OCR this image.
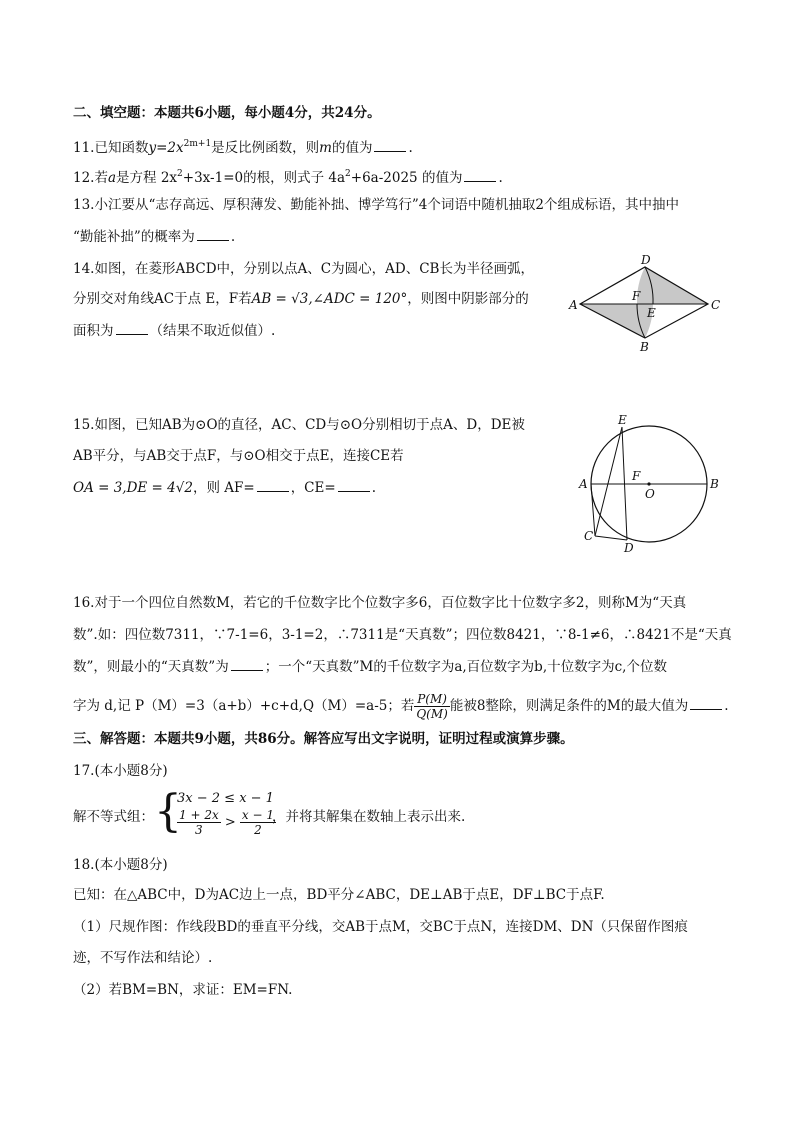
二、填空题：本题共6小题，每小题4分，共24分。
11.已知函数$y=2x^{2m+1}$是反比例函数，则m的值为	.
12.若a是方程 $2x^2+3x-1=0$的根，则式子 $4a^2+6a-2025$ 的值为	.
13.小江要从“志存高远、厚积薄发、勤能补拙、博学笃行”4个词语中随机抽取2个组成标语，其中抽中
“勤能补拙”的概率为	.
14.如图，在菱形ABCD中，分别以点A、C为圆心，AD、CB长为半径画弧，
分别交对角线AC于点 E，F若AB = √3,∠ADC = 120°，则图中阴影部分的
面积为	（结果不取近似值）.
A
B
C
D
E
F
15.如图，已知AB为⊙O的直径，AC、CD与⊙O分别相切于点A、D，DE被
AB平分，与AB交于点F，与⊙O相交于点E，连接CE若
OA = 3,DE = 4√2，则 AF=	，CE=	.	A	B
C
D
E
F
O
16.对于一个四位自然数M，若它的千位数字比个位数字多6，百位数字比十位数字多2，则称M为“天真
数”.如：四位数7311，∵7-1=6，3-1=2，∴7311是“天真数”；四位数8421，∵8-1≠6，∴8421不是“天真
数”，则最小的“天真数”为	；一个“天真数”M的千位数字为a,百位数字为b,十位数字为c,个位数
字为 d,记 P（M）=3（a+b）+c+d,Q（M）=a-5；若 $\frac{P(M)}{Q(M)}$ 能被8整除，则满足条件的M的最大值为	.
三、解答题：本题共9小题，共86分。解答应写出文字说明，证明过程或演算步骤。
17.(本小题8分)
解不等式组： {
3x − 2 ≤ x − 1
$\frac{1 + 2x}{3} > \frac{x - 1}{2}$
，并将其解集在数轴上表示出来.
18.(本小题8分)
已知：在△ABC中，D为AC边上一点，BD平分∠ABC，DE⊥AB于点E，DF⊥BC于点F.
（1）尺规作图：作线段BD的垂直平分线，交AB于点M，交BC于点N，连接DM、DN（只保留作图痕
迹，不写作法和结论）.
（2）若BM=BN，求证：EM=FN.
